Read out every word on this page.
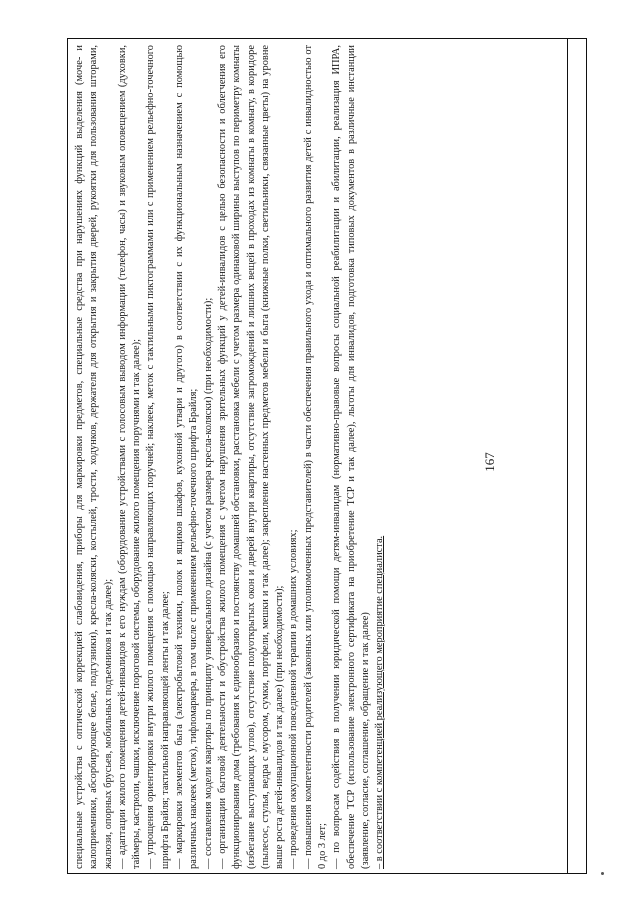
167

специальные устройства с оптической коррекцией слабовидения, приборы для маркировки предметов, специальные средства при нарушениях функций выделения (моче- и калоприемники, абсорбирующее белье, подгузники), кресла-коляски, костылей, трости, ходунков, держателя для открытия и закрытия дверей, рукоятки для пользования шторами, жалюзи, опорных брусьев, мобильных подъемников и так далее); — адаптации жилого помещения детей-инвалидов к его нуждам (оборудование устройствами с голосовым выводом информации (телефон, часы) и звуковым оповещением (духовки, таймеры, кастрюли, чашки, исключение пороговой системы, оборудование жилого помещения поручнями и так далее); — упрощения ориентировки внутри жилого помещения с помощью направляющих поручней; наклеек, меток с тактильными пиктограммами или с применением рельефно-точечного шрифта Брайля; тактильной направляющей ленты и так далее; — маркировки элементов быта (электробытовой техники, полок и ящиков шкафов, кухонной утвари и другого) в соответствии с их функциональным назначением с помощью различных наклеек (меток), тифломаркера, в том числе с применением рельефно-точечного шрифта Брайля; — составления модели квартиры по принципу универсального дизайна (с учетом размера кресла-коляски) (при необходимости); — организации бытовой деятельности и обустройства жилого помещения с учетом нарушения зрительных функций у детей-инвалидов с целью безопасности и облегчения его функционирования дома (требования к единообразию и постоянству домашней обстановки, расстановка мебели с учетом размера одинаковой ширины выступов по периметру комнаты (избегание выступающих углов), отсутствие полуоткрытых окон и дверей внутри квартиры, отсутствие загромождений и лишних вещей в проходах из комнаты в комнату, в коридоре (пылесос, стулья, ведра с мусором, сумки, портфели, мешки и так далее); закрепление настенных предметов мебели и быта (книжные полки, светильники, связанные цветы) на уровне выше роста детей-инвалидов и так далее) (при необходимости); — проведения оккупационной повседневной терапии в домашних условиях; — повышения компетентности родителей (законных или уполномоченных представителей) в части обеспечения правильного ухода и оптимального развития детей с инвалидностью от 0 до 3 лет; — по вопросам содействия в получении юридической помощи детям-инвалидам (нормативно-правовые вопросы социальной реабилитации и абилитации, реализация ИПРА, обеспечение ТСР (использование электронного сертификата на приобретение ТСР и так далее), льготы для инвалидов, подготовка типовых документов в различные инстанции (заявление, согласие, соглашение, обращение и так далее) – в соответствии с компетенцией реализующего мероприятие специалиста.
